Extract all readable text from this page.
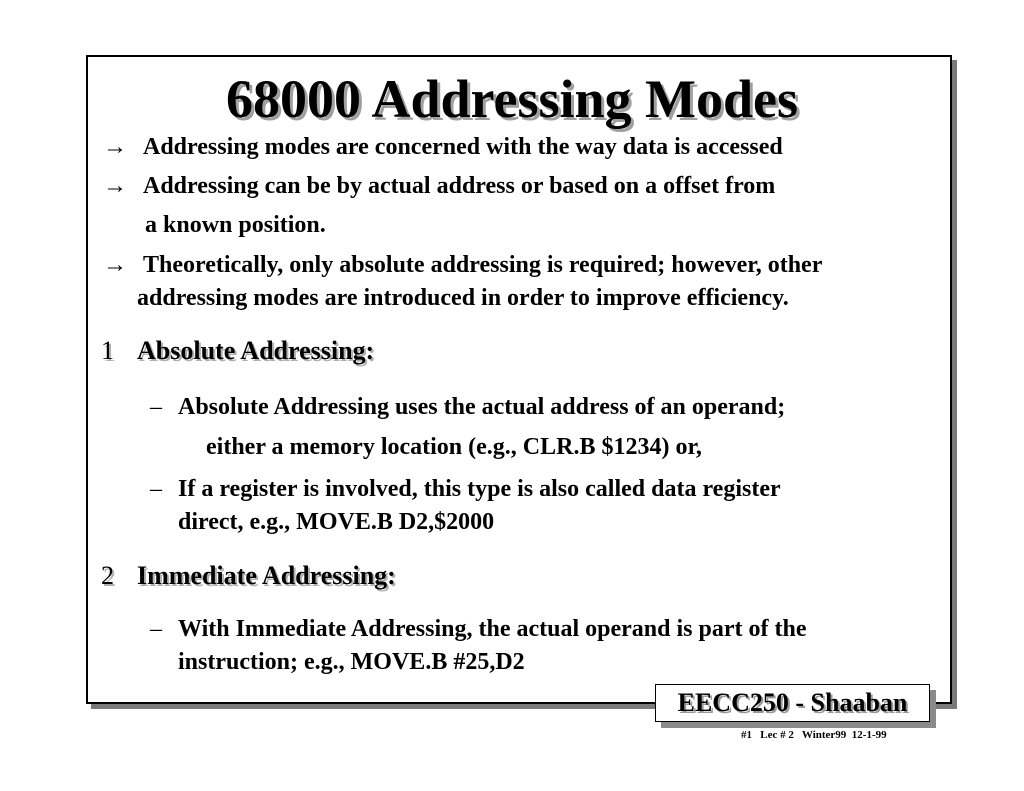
68000 Addressing Modes
→ Addressing modes are concerned with the way data is accessed
→ Addressing can be by actual address or based on a offset from
a known position.
→ Theoretically, only absolute addressing is required; however, other
addressing modes are introduced in order to improve efficiency.
1 Absolute Addressing:
– Absolute Addressing uses the actual address of an operand;
either a memory location (e.g., CLR.B $1234) or,
– If a register is involved, this type is also called data register
direct, e.g., MOVE.B D2,$2000
2 Immediate Addressing:
– With Immediate Addressing, the actual operand is part of the
instruction; e.g., MOVE.B #25,D2
EECC250 - Shaaban
#1   Lec # 2   Winter99  12-1-99
